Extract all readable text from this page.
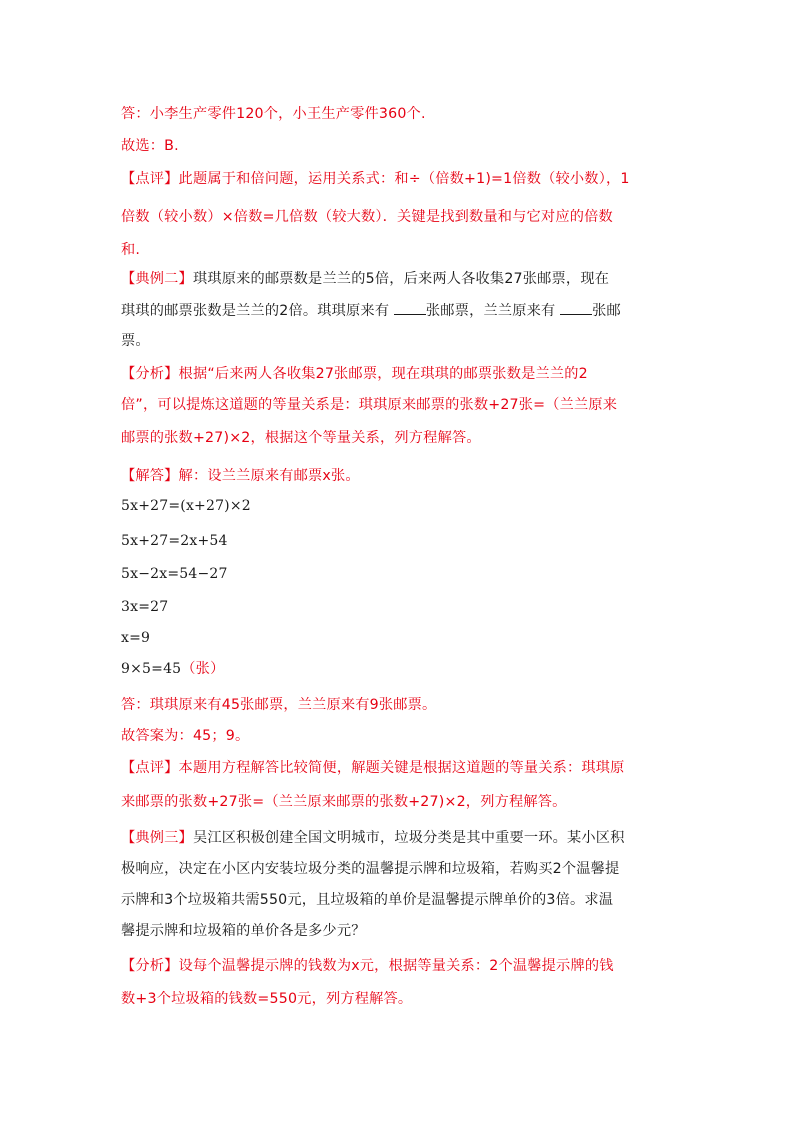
答：小李生产零件120个，小王生产零件360个.
故选：B.
【点评】此题属于和倍问题，运用关系式：和÷（倍数+1)=1倍数（较小数），1
倍数（较小数）×倍数=几倍数（较大数）．关键是找到数量和与它对应的倍数
和.
【典例二】琪琪原来的邮票数是兰兰的5倍，后来两人各收集27张邮票，现在
琪琪的邮票张数是兰兰的2倍。琪琪原来有	张邮票，兰兰原来有	张邮
票。
【分析】根据“后来两人各收集27张邮票，现在琪琪的邮票张数是兰兰的2
倍”，可以提炼这道题的等量关系是：琪琪原来邮票的张数+27张=（兰兰原来
邮票的张数+27)×2，根据这个等量关系，列方程解答。
【解答】解：设兰兰原来有邮票x张。
5x+27=(x+27)×2
5x+27=2x+54
5x−2x=54−27
3x=27
x=9
9×5=45（张）
答：琪琪原来有45张邮票，兰兰原来有9张邮票。
故答案为：45；9。
【点评】本题用方程解答比较简便，解题关键是根据这道题的等量关系：琪琪原
来邮票的张数+27张=（兰兰原来邮票的张数+27)×2，列方程解答。
【典例三】吴江区积极创建全国文明城市，垃圾分类是其中重要一环。某小区积
极响应，决定在小区内安装垃圾分类的温馨提示牌和垃圾箱，若购买2个温馨提
示牌和3个垃圾箱共需550元，且垃圾箱的单价是温馨提示牌单价的3倍。求温
馨提示牌和垃圾箱的单价各是多少元？
【分析】设每个温馨提示牌的钱数为x元，根据等量关系：2个温馨提示牌的钱
数+3个垃圾箱的钱数=550元，列方程解答。
